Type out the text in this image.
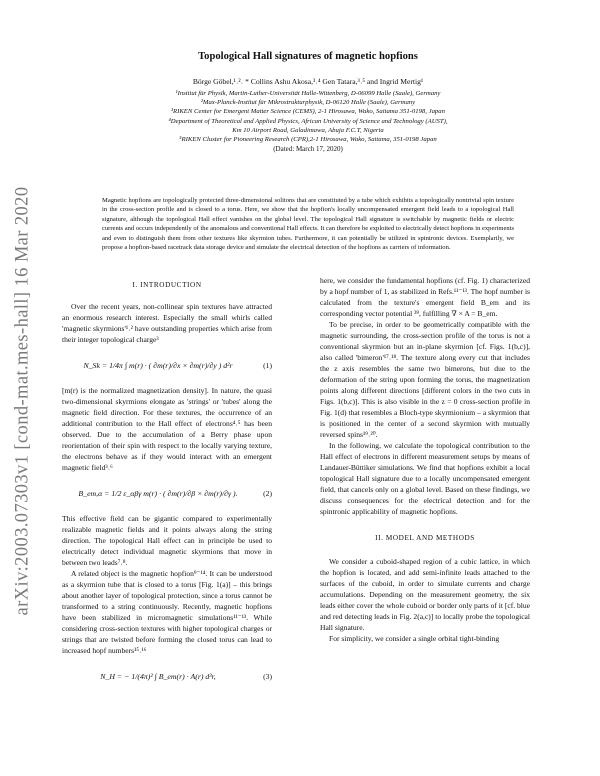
arXiv:2003.07303v1 [cond-mat.mes-hall] 16 Mar 2020
Topological Hall signatures of magnetic hopfions
Börge Göbel,¹˒²˒ * Collins Ashu Akosa,³˒⁴ Gen Tatara,³˒⁵ and Ingrid Mertig¹
¹Institut für Physik, Martin-Luther-Universität Halle-Wittenberg, D-06099 Halle (Saale), Germany
²Max-Planck-Institut für Mikrostrukturphysik, D-06120 Halle (Saale), Germany
³RIKEN Center for Emergent Matter Science (CEMS), 2-1 Hirosawa, Wako, Saitama 351-0198, Japan
⁴Department of Theoretical and Applied Physics, African University of Science and Technology (AUST),
Km 10 Airport Road, Galadimawa, Abuja F.C.T, Nigeria
⁵RIKEN Cluster for Pioneering Research (CPR),2-1 Hirosawa, Wako, Saitama, 351-0198 Japan
(Dated: March 17, 2020)

Magnetic hopfions are topologically protected three-dimensional solitons that are constituted by a tube which exhibits a topologically nontrivial spin texture in the cross-section profile and is closed to a torus. Here, we show that the hopfion's locally uncompensated emergent field leads to a topological Hall signature, although the topological Hall effect vanishes on the global level. The topological Hall signature is switchable by magnetic fields or electric currents and occurs independently of the anomalous and conventional Hall effects. It can therefore be exploited to electrically detect hopfions in experiments and even to distinguish them from other textures like skyrmion tubes. Furthermore, it can potentially be utilized in spintronic devices. Exemplarily, we propose a hopfion-based racetrack data storage device and simulate the electrical detection of the hopfions as carriers of information.

I. INTRODUCTION

Over the recent years, non-collinear spin textures have attracted an enormous research interest. Especially the small whirls called 'magnetic skyrmions'¹˒² have outstanding properties which arise from their integer topological charge³

N_Sk = 1/4π ∫ m(r) · ( ∂m(r)/∂x × ∂m(r)/∂y ) d²r	(1)

[m(r) is the normalized magnetization density]. In nature, the quasi two-dimensional skyrmions elongate as 'strings' or 'tubes' along the magnetic field direction. For these textures, the occurrence of an additional contribution to the Hall effect of electrons⁴˒⁵ has been observed. Due to the accumulation of a Berry phase upon reorientation of their spin with respect to the locally varying texture, the electrons behave as if they would interact with an emergent magnetic field³˒⁶

B_em,α = 1/2 ε_αβγ m(r) · ( ∂m(r)/∂β × ∂m(r)/∂γ ).	(2)

This effective field can be gigantic compared to experimentally realizable magnetic fields and it points always along the string direction. The topological Hall effect can in principle be used to electrically detect individual magnetic skyrmions that move in between two leads⁷˒⁸.

A related object is the magnetic hopfion⁹⁻¹⁴. It can be understood as a skyrmion tube that is closed to a torus [Fig. 1(a)] – this brings about another layer of topological protection, since a torus cannot be transformed to a string continuously. Recently, magnetic hopfions have been stabilized in micromagnetic simulations¹¹⁻¹³. While considering cross-section textures with higher topological charges or strings that are twisted before forming the closed torus can lead to increased hopf numbers¹⁵˒¹⁶

N_H = − 1/(4π)² ∫ B_em(r) · A(r) d³r,	(3)

here, we consider the fundamental hopfions (cf. Fig. 1) characterized by a hopf number of 1, as stabilized in Refs.¹¹⁻¹³. The hopf number is calculated from the texture's emergent field B_em and its corresponding vector potential ³⁹, fulfilling ∇ × A = B_em.

To be precise, in order to be geometrically compatible with the magnetic surrounding, the cross-section profile of the torus is not a conventional skyrmion but an in-plane skyrmion [cf. Figs. 1(b,c)], also called 'bimeron'¹⁷˒¹⁸. The texture along every cut that includes the z axis resembles the same two bimerons, but due to the deformation of the string upon forming the torus, the magnetization points along different directions [different colors in the two cuts in Figs. 1(b,c)]. This is also visible in the z = 0 cross-section profile in Fig. 1(d) that resembles a Bloch-type skyrmionium – a skyrmion that is positioned in the center of a second skyrmion with mutually reversed spins¹⁹˒²⁰.

In the following, we calculate the topological contribution to the Hall effect of electrons in different measurement setups by means of Landauer-Büttiker simulations. We find that hopfions exhibit a local topological Hall signature due to a locally uncompensated emergent field, that cancels only on a global level. Based on these findings, we discuss consequences for the electrical detection and for the spintronic applicability of magnetic hopfions.

II. MODEL AND METHODS

We consider a cuboid-shaped region of a cubic lattice, in which the hopfion is located, and add semi-infinite leads attached to the surfaces of the cuboid, in order to simulate currents and charge accumulations. Depending on the measurement geometry, the six leads either cover the whole cuboid or border only parts of it [cf. blue and red detecting leads in Fig. 2(a,c)] to locally probe the topological Hall signature.

For simplicity, we consider a single orbital tight-binding
